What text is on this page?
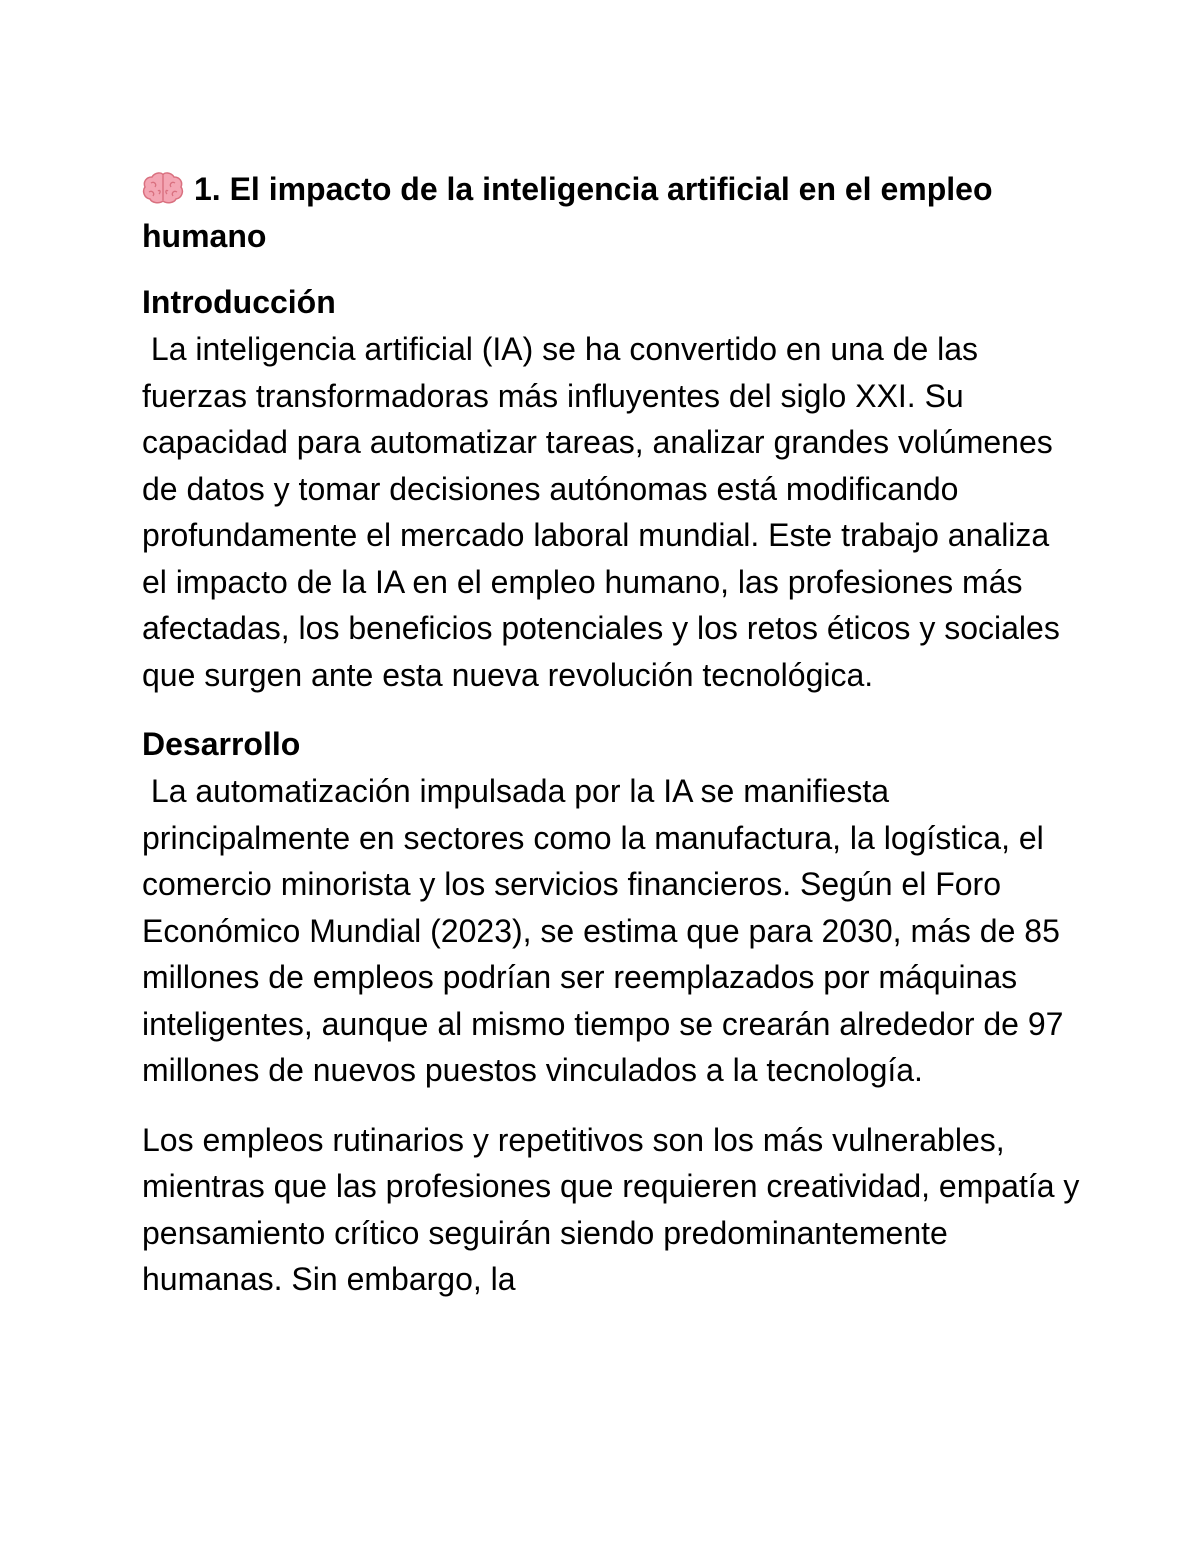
1. El impacto de la inteligencia artificial en el empleo humano
Introducción

La inteligencia artificial (IA) se ha convertido en una de las fuerzas transformadoras más influyentes del siglo XXI. Su capacidad para automatizar tareas, analizar grandes volúmenes de datos y tomar decisiones autónomas está modificando profundamente el mercado laboral mundial. Este trabajo analiza el impacto de la IA en el empleo humano, las profesiones más afectadas, los beneficios potenciales y los retos éticos y sociales que surgen ante esta nueva revolución tecnológica.

Desarrollo

La automatización impulsada por la IA se manifiesta principalmente en sectores como la manufactura, la logística, el comercio minorista y los servicios financieros. Según el Foro Económico Mundial (2023), se estima que para 2030, más de 85 millones de empleos podrían ser reemplazados por máquinas inteligentes, aunque al mismo tiempo se crearán alrededor de 97 millones de nuevos puestos vinculados a la tecnología.

Los empleos rutinarios y repetitivos son los más vulnerables, mientras que las profesiones que requieren creatividad, empatía y pensamiento crítico seguirán siendo predominantemente humanas. Sin embargo, la
